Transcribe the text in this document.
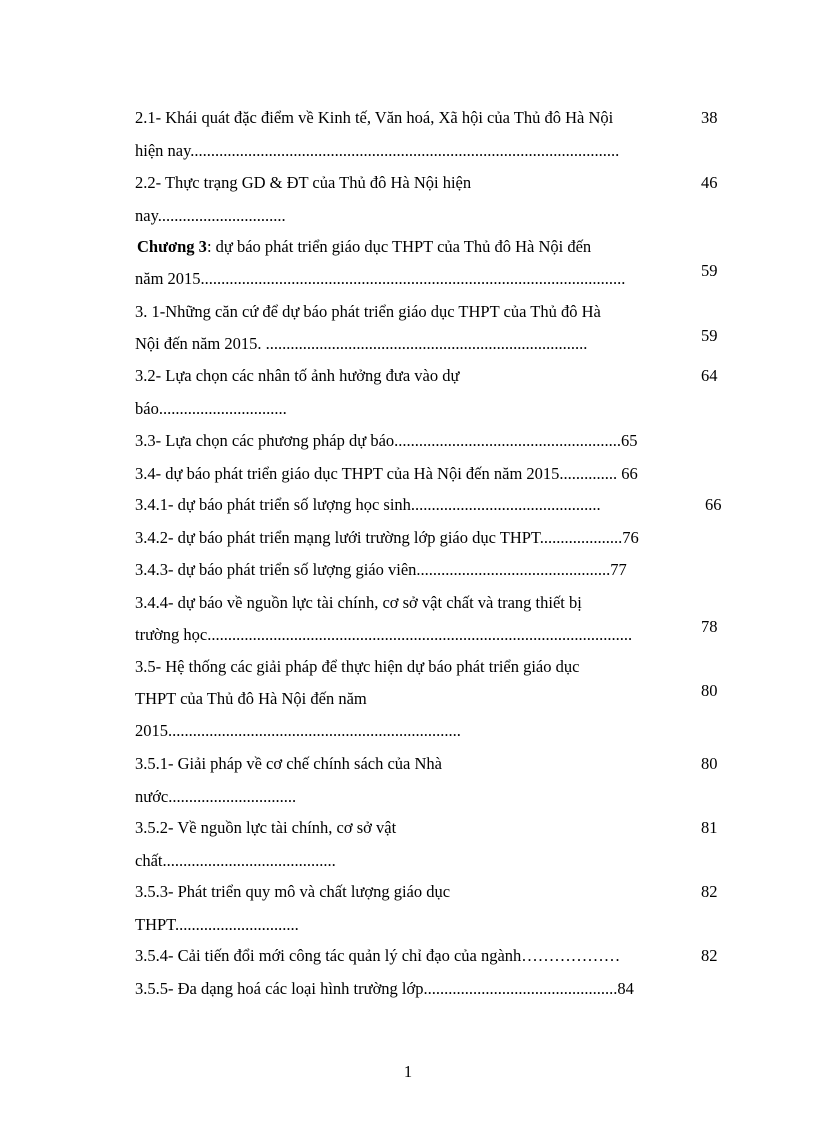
2.1- Khái quát đặc điểm về Kinh tế, Văn hoá, Xã hội của Thủ đô Hà Nội	38
hiện nay........................................................................................................
2.2- Thực trạng GD & ĐT của Thủ đô Hà Nội hiện	46
nay...............................
Chương 3: dự báo phát triển giáo dục THPT của Thủ đô Hà Nội đến
năm 2015.......................................................................................................	59
3. 1-Những căn cứ để dự báo phát triển giáo dục THPT của Thủ đô Hà
Nội đến năm 2015. ..............................................................................	59
3.2- Lựa chọn các nhân tố ảnh hưởng đưa vào dự	64
báo...............................
3.3- Lựa chọn các phương pháp dự báo.......................................................65
3.4- dự báo phát triển giáo dục THPT của Hà Nội đến năm 2015.............. 66
3.4.1- dự báo phát triển số lượng học sinh..............................................	66
3.4.2- dự báo phát triển mạng lưới trường lớp giáo dục THPT....................76
3.4.3- dự báo phát triển số lượng giáo viên...............................................77
3.4.4- dự báo về nguồn lực tài chính, cơ sở vật chất và trang thiết bị
trường học.......................................................................................................	78
3.5- Hệ thống các giải pháp để thực hiện dự báo phát triển giáo dục
THPT của Thủ đô Hà Nội đến năm	80
2015.......................................................................
3.5.1- Giải pháp về cơ chế chính sách của Nhà	80
nước...............................
3.5.2- Về nguồn lực tài chính, cơ sở vật	81
chất..........................................
3.5.3- Phát triển quy mô và chất lượng giáo dục	82
THPT..............................
3.5.4- Cải tiến đổi mới công tác quản lý chỉ đạo của ngành………………	82
3.5.5- Đa dạng hoá các loại hình trường lớp...............................................84
1
